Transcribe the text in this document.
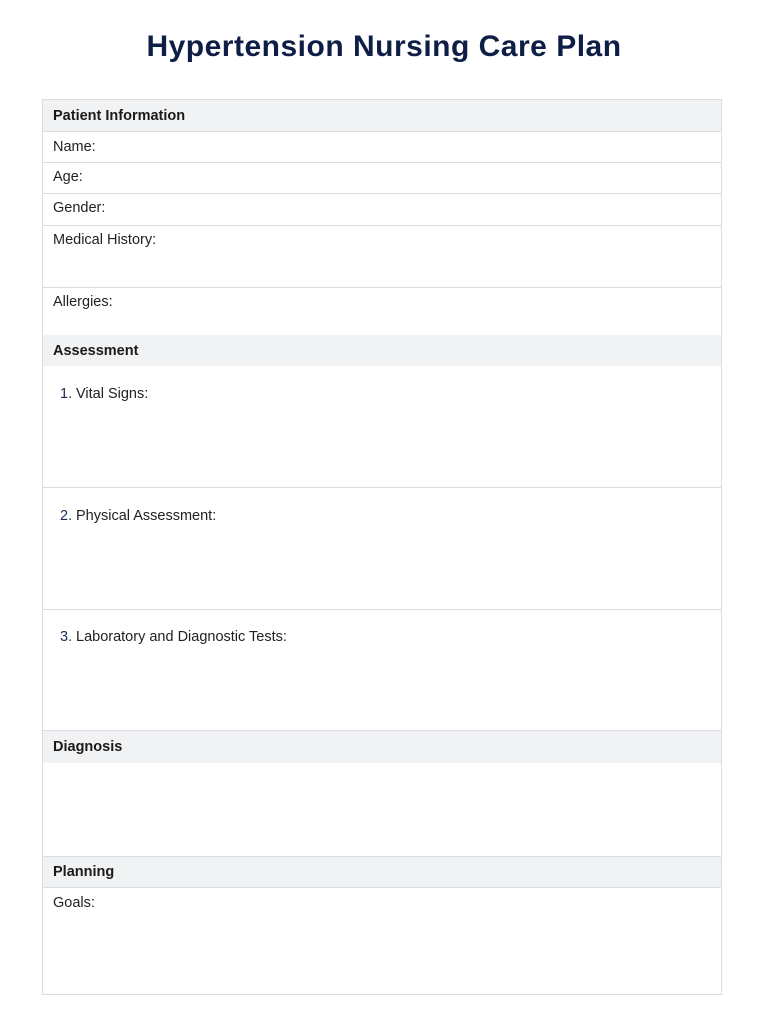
Hypertension Nursing Care Plan
Patient Information
Name:
Age:
Gender:
Medical History:
Allergies:
Assessment
1. Vital Signs:
2. Physical Assessment:
3. Laboratory and Diagnostic Tests:
Diagnosis
Planning
Goals:
